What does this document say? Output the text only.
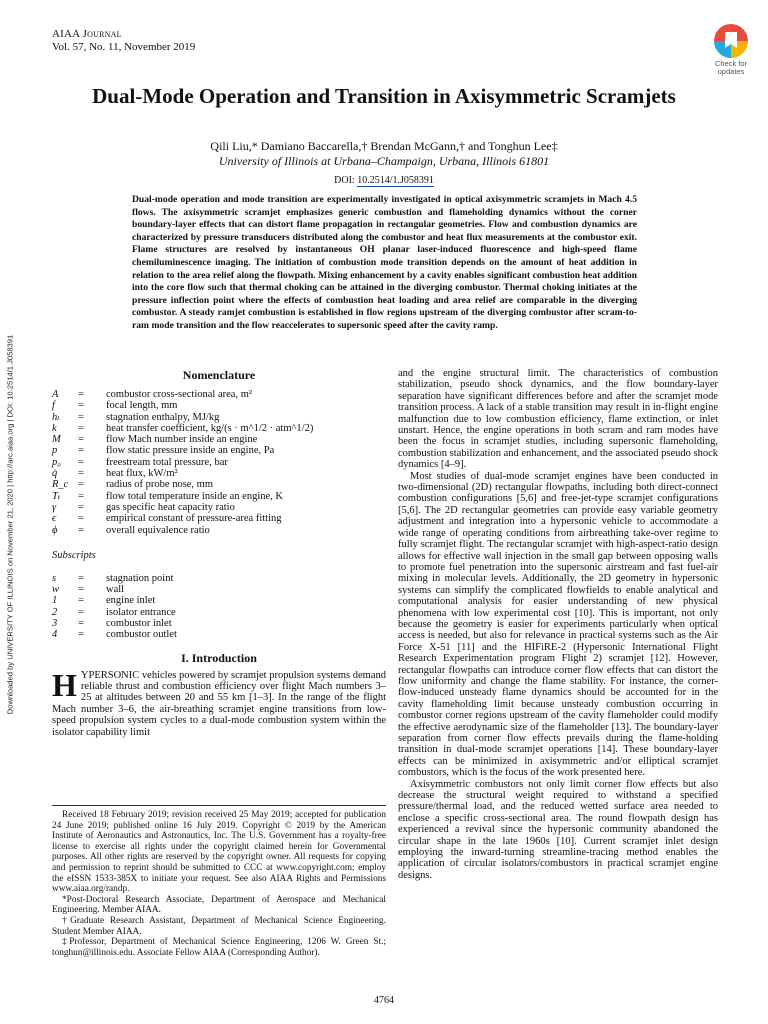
AIAA Journal
Vol. 57, No. 11, November 2019
Check for updates
Dual-Mode Operation and Transition in Axisymmetric Scramjets
Qili Liu,* Damiano Baccarella,† Brendan McGann,† and Tonghun Lee‡
University of Illinois at Urbana–Champaign, Urbana, Illinois 61801
DOI: 10.2514/1.J058391
Dual-mode operation and mode transition are experimentally investigated in optical axisymmetric scramjets in Mach 4.5 flows. The axisymmetric scramjet emphasizes generic combustion and flameholding dynamics without the corner boundary-layer effects that can distort flame propagation in rectangular geometries. Flow and combustion dynamics are characterized by pressure transducers distributed along the combustor and heat flux measurements at the combustor exit. Flame structures are resolved by instantaneous OH planar laser-induced fluorescence and high-speed flame chemiluminescence imaging. The initiation of combustion mode transition depends on the amount of heat addition in relation to the area relief along the flowpath. Mixing enhancement by a cavity enables significant combustion heat addition into the core flow such that thermal choking can be attained in the diverging combustor. Thermal choking initiates at the pressure inflection point where the effects of combustion heat loading and area relief are comparable in the diverging combustor. A steady ramjet combustion is established in flow regions upstream of the diverging combustor after scram-to-ram mode transition and the flow reaccelerates to supersonic speed after the cavity ramp.
Downloaded by UNIVERSITY OF ILLINOIS on November 21, 2020 | http://arc.aiaa.org | DOI: 10.2514/1.J058391	Nomenclature
A	=	combustor cross-sectional area, m²
f	=	focal length, mm
hₜ	=	stagnation enthalpy, MJ/kg
k	=	heat transfer coefficient, kg/(s · m^1/2 · atm^1/2)
M	=	flow Mach number inside an engine
p	=	flow static pressure inside an engine, Pa
p₀	=	freestream total pressure, bar
q̇	=	heat flux, kW/m²
R_c =	radius of probe nose, mm
Tₜ	=	flow total temperature inside an engine, K
γ	=	gas specific heat capacity ratio
ϵ	=	empirical constant of pressure-area fitting
ϕ	=	overall equivalence ratio
Subscripts
s	=	stagnation point
w	=	wall
1	=	engine inlet
2	=	isolator entrance
3	=	combustor inlet
4	=	combustor outlet
I. Introduction

HYPERSONIC vehicles powered by scramjet propulsion systems demand reliable thrust and combustion efficiency over flight Mach numbers 3–25 at altitudes between 20 and 55 km [1–3]. In the range of the flight Mach number 3–6, the air-breathing scramjet engine transitions from low-speed propulsion system cycles to a dual-mode combustion system within the isolator capability limit

Received 18 February 2019; revision received 25 May 2019; accepted for publication 24 June 2019; published online 16 July 2019. Copyright © 2019 by the American Institute of Aeronautics and Astronautics, Inc. The U.S. Government has a royalty-free license to exercise all rights under the copyright claimed herein for Governmental purposes. All other rights are reserved by the copyright owner. All requests for copying and permission to reprint should be submitted to CCC at www.copyright.com; employ the eISSN 1533-385X to initiate your request. See also AIAA Rights and Permissions www.aiaa.org/randp.

*Post-Doctoral Research Associate, Department of Aerospace and Mechanical Engineering. Member AIAA.

†Graduate Research Assistant, Department of Mechanical Science Engineering. Student Member AIAA.

‡Professor, Department of Mechanical Science Engineering, 1206 W. Green St.; tonghun@illinois.edu. Associate Fellow AIAA (Corresponding Author).

and the engine structural limit. The characteristics of combustion stabilization, pseudo shock dynamics, and the flow boundary-layer separation have significant differences before and after the scramjet mode transition process. A lack of a stable transition may result in in-flight engine malfunction due to low combustion efficiency, flame extinction, or inlet unstart. Hence, the engine operations in both scram and ram modes have been the focus in scramjet studies, including supersonic flameholding, combustion stabilization and enhancement, and the associated pseudo shock dynamics [4–9].

Most studies of dual-mode scramjet engines have been conducted in two-dimensional (2D) rectangular flowpaths, including both direct-connect combustion configurations [5,6] and free-jet-type scramjet configurations [5,6]. The 2D rectangular geometries can provide easy variable geometry adjustment and integration into a hypersonic vehicle to accommodate a wide range of operating conditions from airbreathing take-over regime to fully scramjet flight. The rectangular scramjet with high-aspect-ratio design allows for effective wall injection in the small gap between opposing walls to promote fuel penetration into the supersonic airstream and fast fuel-air mixing in molecular levels. Additionally, the 2D geometry in hypersonic systems can simplify the complicated flowfields to enable analytical and computational analysis for easier understanding of new physical phenomena with low experimental cost [10]. This is important, not only because the geometry is easier for experiments particularly when optical access is needed, but also for relevance in practical systems such as the Air Force X-51 [11] and the HIFiRE-2 (Hypersonic International Flight Research Experimentation program Flight 2) scramjet [12]. However, rectangular flowpaths can introduce corner flow effects that can distort the flow uniformity and change the flame stability. For instance, the corner-flow-induced unsteady flame dynamics should be accounted for in the cavity flameholding limit because unsteady combustion occurring in combustor corner regions upstream of the cavity flameholder could modify the effective aerodynamic size of the flameholder [13]. The boundary-layer separation from corner flow effects prevails during the flame-holding transition in dual-mode scramjet operations [14]. These boundary-layer effects can be minimized in axisymmetric and/or elliptical scramjet combustors, which is the focus of the work presented here.

Axisymmetric combustors not only limit corner flow effects but also decrease the structural weight required to withstand a specified pressure/thermal load, and the reduced wetted surface area needed to enclose a specific cross-sectional area. The round flowpath design has experienced a revival since the hypersonic community abandoned the circular shape in the late 1960s [10]. Current scramjet inlet design employing the inward-turning streamline-tracing method enables the application of circular isolators/combustors in practical scramjet engine designs.

4764
